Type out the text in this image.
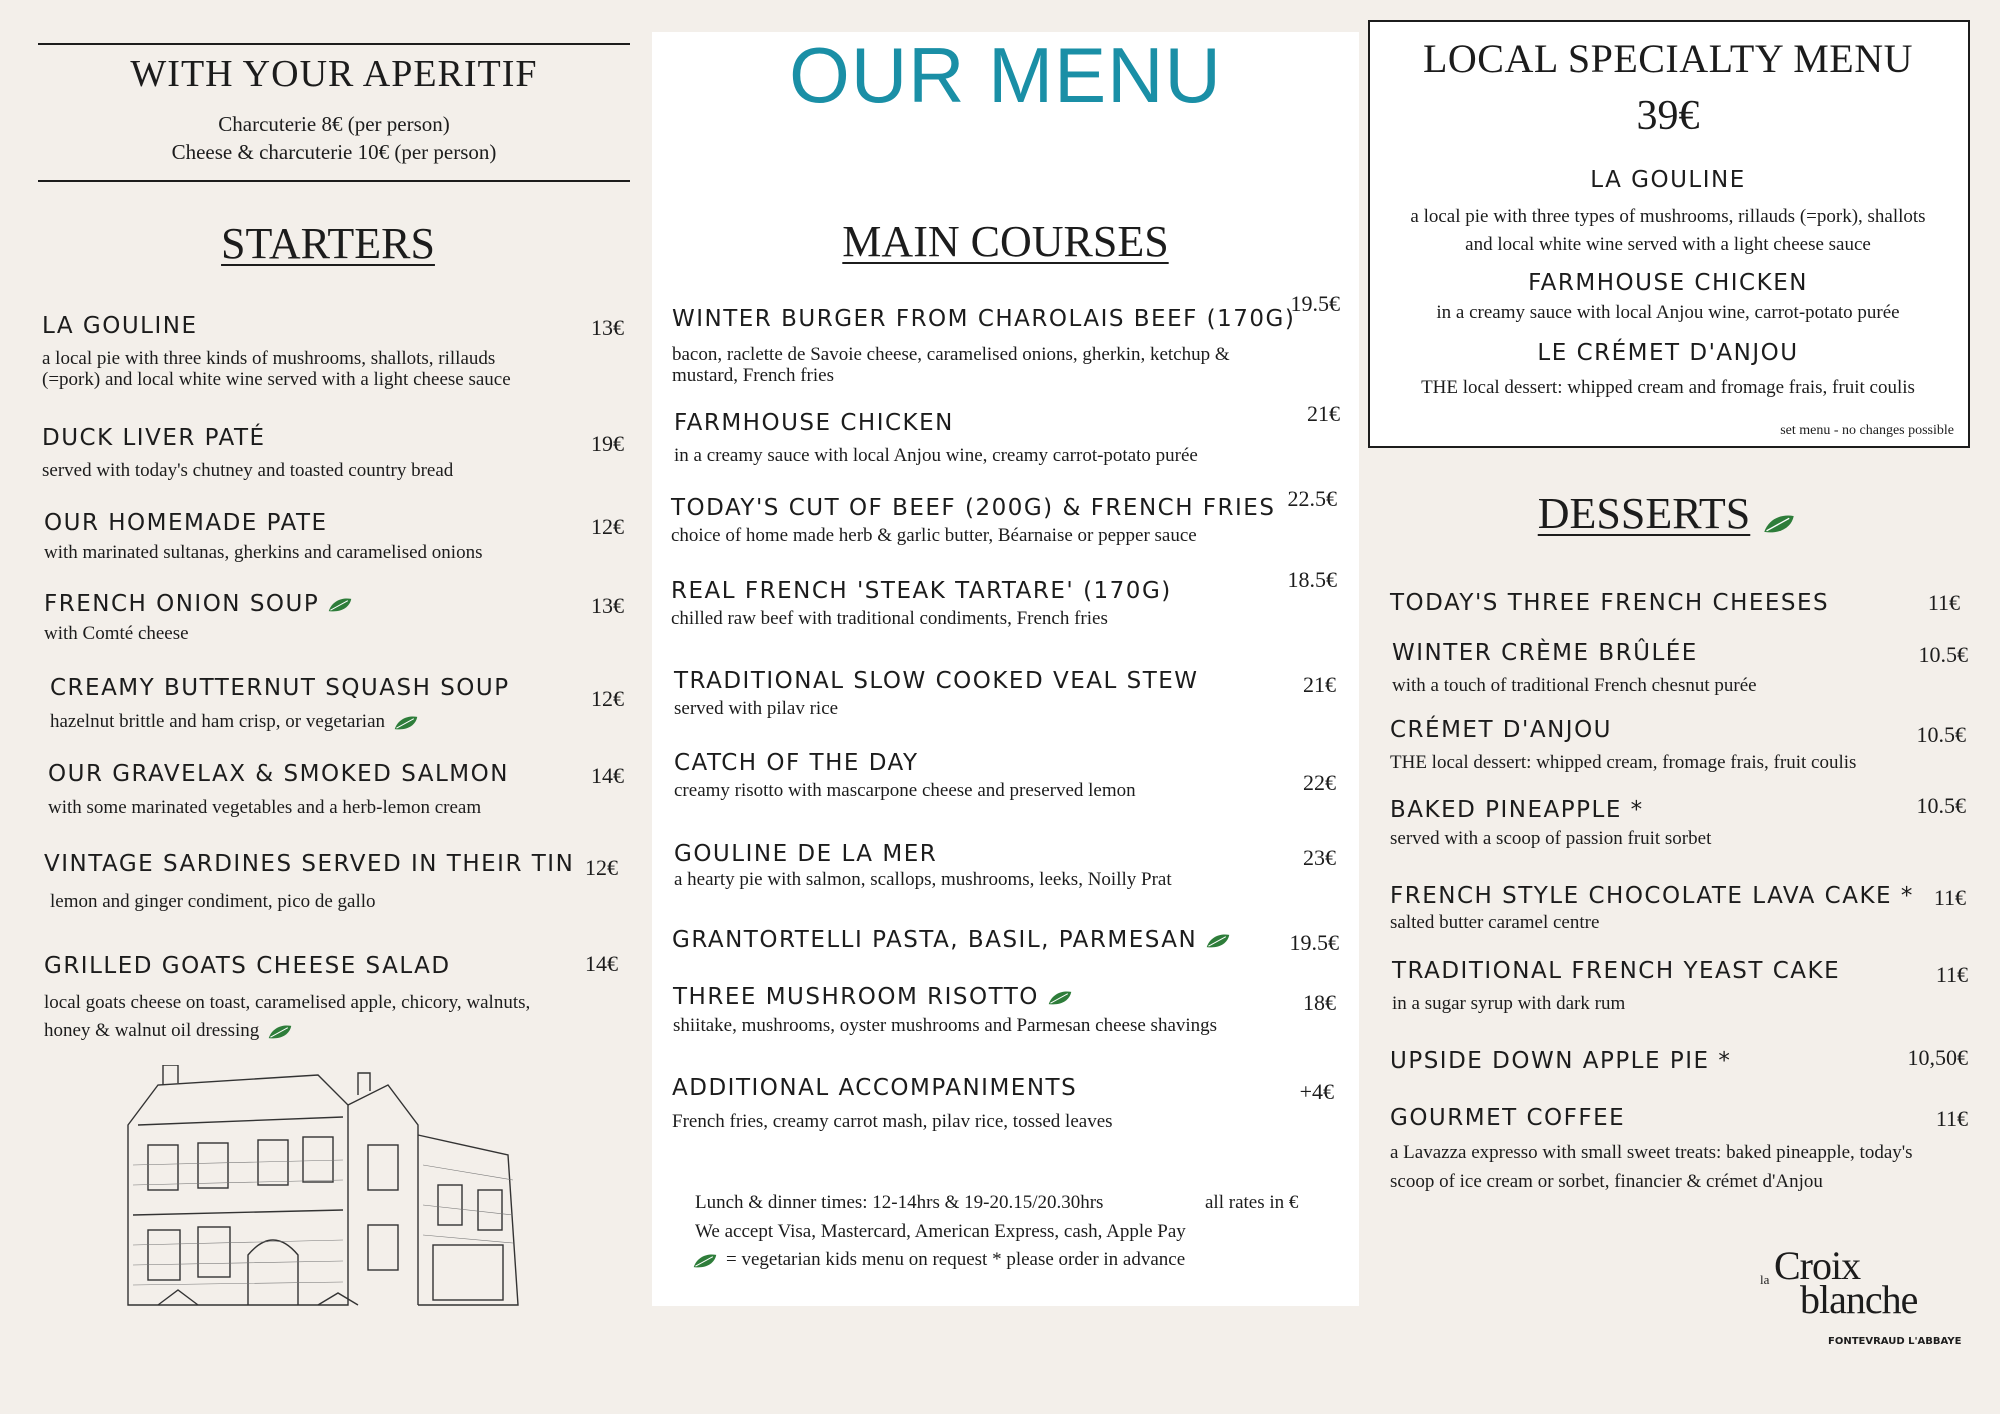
WITH YOUR APERITIF
Charcuterie 8€ (per person)
Cheese & charcuterie 10€ (per person)
STARTERS
LA GOULINE
a local pie with three kinds of mushrooms, shallots, rillauds (=pork) and local white wine served with a light cheese sauce
13€
DUCK LIVER PATÉ
served with today's chutney and toasted country bread
19€
OUR HOMEMADE PATE
with marinated sultanas, gherkins and caramelised onions
12€
FRENCH ONION SOUP
with Comté cheese
13€
CREAMY BUTTERNUT SQUASH SOUP
hazelnut brittle and ham crisp, or vegetarian
12€
OUR GRAVELAX & SMOKED SALMON
with some marinated vegetables and a herb-lemon cream
14€
VINTAGE SARDINES SERVED IN THEIR TIN
lemon and ginger condiment, pico de gallo
12€
GRILLED GOATS CHEESE SALAD
local goats cheese on toast, caramelised apple, chicory, walnuts, honey & walnut oil dressing
14€
OUR MENU
MAIN COURSES
WINTER BURGER FROM CHAROLAIS BEEF (170G)
bacon, raclette de Savoie cheese, caramelised onions, gherkin, ketchup & mustard, French fries
19.5€
FARMHOUSE CHICKEN
in a creamy sauce with local Anjou wine, creamy carrot-potato purée
21€
TODAY'S CUT OF BEEF (200G) & FRENCH FRIES
choice of home made herb & garlic butter, Béarnaise or pepper sauce
22.5€
REAL FRENCH 'STEAK TARTARE' (170G)
chilled raw beef with traditional condiments, French fries
18.5€
TRADITIONAL SLOW COOKED VEAL STEW
served with pilav rice
21€
CATCH OF THE DAY
creamy risotto with mascarpone cheese and preserved lemon	22€
GOULINE DE LA MER
a hearty pie with salmon, scallops, mushrooms, leeks, Noilly Prat
23€
GRANTORTELLI PASTA, BASIL, PARMESAN	19.5€
THREE MUSHROOM RISOTTO
shiitake, mushrooms, oyster mushrooms and Parmesan cheese shavings
18€
ADDITIONAL ACCOMPANIMENTS
French fries, creamy carrot mash, pilav rice, tossed leaves
+4€
Lunch & dinner times: 12-14hrs & 19-20.15/20.30hrs	all rates in €
We accept Visa, Mastercard, American Express, cash, Apple Pay
= vegetarian kids menu on request * please order in advance
LOCAL SPECIALTY MENU
39€
LA GOULINE
a local pie with three types of mushrooms, rillauds (=pork), shallots and local white wine served with a light cheese sauce
FARMHOUSE CHICKEN
in a creamy sauce with local Anjou wine, carrot-potato purée
LE CRÉMET D'ANJOU
THE local dessert: whipped cream and fromage frais, fruit coulis
set menu - no changes possible
DESSERTS
TODAY'S THREE FRENCH CHEESES	11€
WINTER CRÈME BRÛLÉE
with a touch of traditional French chesnut purée
10.5€
CRÉMET D'ANJOU
THE local dessert: whipped cream, fromage frais, fruit coulis
10.5€
BAKED PINEAPPLE *
served with a scoop of passion fruit sorbet
10.5€
FRENCH STYLE CHOCOLATE LAVA CAKE *
salted butter caramel centre
11€
TRADITIONAL FRENCH YEAST CAKE
in a sugar syrup with dark rum
11€
UPSIDE DOWN APPLE PIE *	10,50€
GOURMET COFFEE
a Lavazza expresso with small sweet treats: baked pineapple, today's scoop of ice cream or sorbet, financier & crémet d'Anjou
11€
la Croix
blanche
FONTEVRAUD L'ABBAYE
